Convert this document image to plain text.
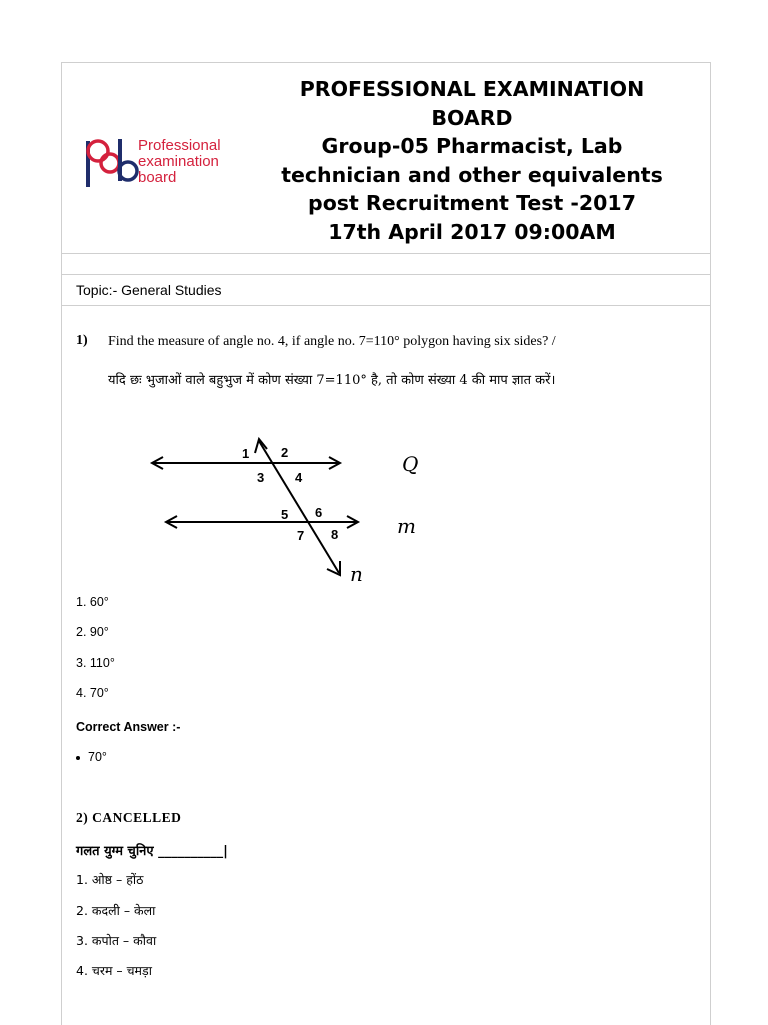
Professional
examination
board
PROFESSIONAL EXAMINATION
BOARD
Group-05 Pharmacist, Lab
technician and other equivalents
post Recruitment Test -2017
17th April 2017 09:00AM
Topic:- General Studies
1) Find the measure of angle no. 4, if angle no. 7=110° polygon having six sides? /
यदि छः भुजाओं वाले बहुभुज में कोण संख्या 7=110° है, तो कोण संख्या 4 की माप ज्ञात करें।
1 2
3 4
5 6
7 8
Q
m
n
1. 60°
2. 90°
3. 110°
4. 70°
Correct Answer :-
70°
2) CANCELLED
गलत युग्म चुनिए __________|
1. ओष्ठ – होंठ
2. कदली – केला
3. कपोत – कौवा
4. चरम – चमड़ा
